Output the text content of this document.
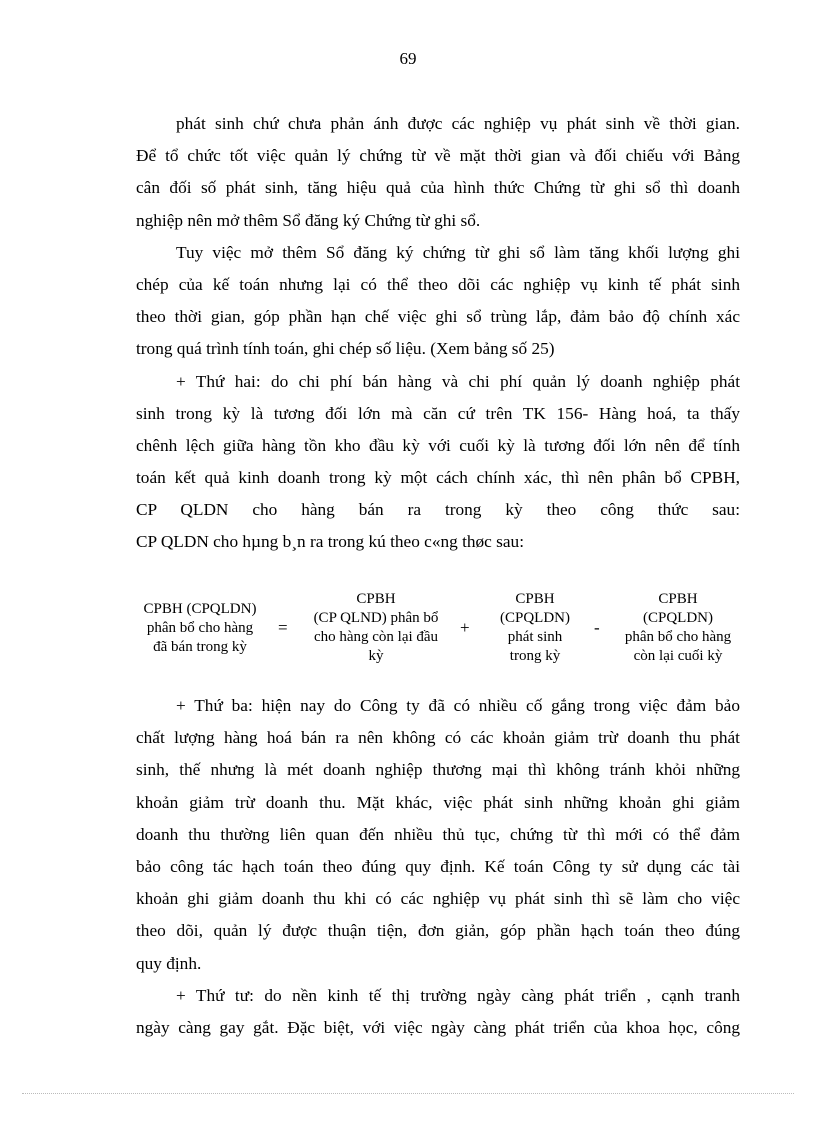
69
phát sinh chứ chưa phản ánh được các nghiệp vụ phát sinh về thời gian.
Để tổ chức tốt việc quản lý chứng từ về mặt thời gian và đối chiếu với Bảng
cân đối số phát sinh, tăng hiệu quả của hình thức Chứng từ ghi sổ thì doanh
nghiệp nên mở thêm Sổ đăng ký Chứng từ ghi sổ.
Tuy việc mở thêm Sổ đăng ký chứng từ ghi sổ làm tăng khối lượng ghi
chép của kế toán nhưng lại có thể theo dõi các nghiệp vụ kinh tế phát sinh
theo thời gian, góp phần hạn chế việc ghi sổ trùng lắp, đảm bảo độ chính xác
trong quá trình tính toán, ghi chép số liệu. (Xem bảng số 25)
+ Thứ hai: do chi phí bán hàng và chi phí quản lý doanh nghiệp phát
sinh trong kỳ là tương đối lớn mà căn cứ trên TK 156- Hàng hoá, ta thấy
chênh lệch giữa hàng tồn kho đầu kỳ với cuối kỳ là tương đối lớn nên để tính
toán kết quả kinh doanh trong kỳ một cách chính xác, thì nên phân bổ CPBH,
CP QLDN cho hàng bán ra trong kỳ theo công thức sau:
CP QLDN cho hµng b¸n ra trong kú theo c«ng thøc sau:
CPBH (CPQLDN)
phân bổ cho hàng
đã bán trong kỳ
=
CPBH
(CP QLND) phân bổ
cho hàng còn lại đầu
kỳ
+
CPBH
(CPQLDN)
phát sinh
trong kỳ
-
CPBH
(CPQLDN)
phân bổ cho hàng
còn lại cuối kỳ
+ Thứ ba: hiện nay do Công ty đã có nhiều cố gắng trong việc đảm bảo
chất lượng hàng hoá bán ra nên không có các khoản giảm trừ doanh thu phát
sinh, thế nhưng là mét doanh nghiệp thương mại thì không tránh khỏi những
khoản giảm trừ doanh thu. Mặt khác, việc phát sinh những khoản ghi giảm
doanh thu thường liên quan đến nhiều thủ tục, chứng từ thì mới có thể đảm
bảo công tác hạch toán theo đúng quy định. Kế toán Công ty sử dụng các tài
khoản ghi giảm doanh thu khi có các nghiệp vụ phát sinh thì sẽ làm cho việc
theo dõi, quản lý được thuận tiện, đơn giản, góp phần hạch toán theo đúng
quy định.
+ Thứ tư: do nền kinh tế thị trường ngày càng phát triển , cạnh tranh
ngày càng gay gắt. Đặc biệt, với việc ngày càng phát triển của khoa học, công
